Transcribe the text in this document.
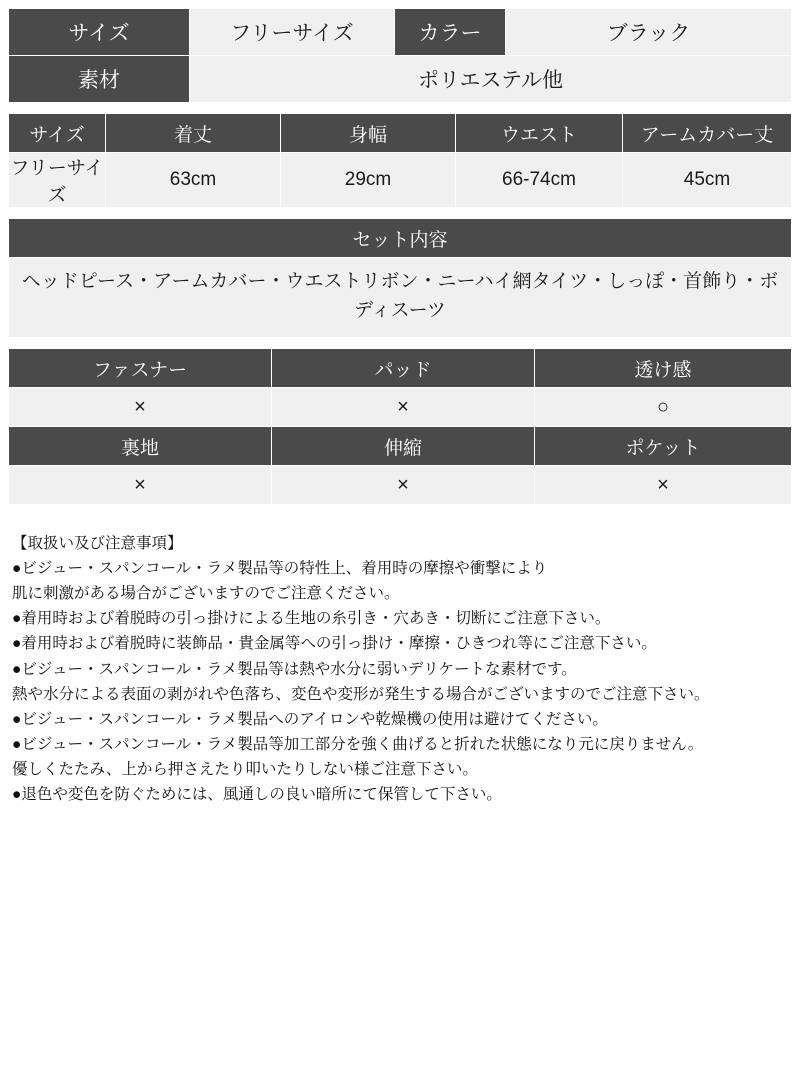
サイズ	フリーサイズ	カラー	ブラック
素材	ポリエステル他		
サイズ	着丈	身幅	ウエスト	アームカバー丈
フリーサイズ	63cm	29cm	66-74cm	45cm
セット内容
ヘッドピース・アームカバー・ウエストリボン・ニーハイ網タイツ・しっぽ・首飾り・ボディスーツ
ファスナー	パッド	透け感
×	×	○
裏地	伸縮	ポケット
×	×	×
【取扱い及び注意事項】
●ビジュー・スパンコール・ラメ製品等の特性上、着用時の摩擦や衝撃により
肌に刺激がある場合がございますのでご注意ください。
●着用時および着脱時の引っ掛けによる生地の糸引き・穴あき・切断にご注意下さい。
●着用時および着脱時に装飾品・貴金属等への引っ掛け・摩擦・ひきつれ等にご注意下さい。
●ビジュー・スパンコール・ラメ製品等は熱や水分に弱いデリケートな素材です。
熱や水分による表面の剥がれや色落ち、変色や変形が発生する場合がございますのでご注意下さい。
●ビジュー・スパンコール・ラメ製品へのアイロンや乾燥機の使用は避けてください。
●ビジュー・スパンコール・ラメ製品等加工部分を強く曲げると折れた状態になり元に戻りません。
優しくたたみ、上から押さえたり叩いたりしない様ご注意下さい。
●退色や変色を防ぐためには、風通しの良い暗所にて保管して下さい。
